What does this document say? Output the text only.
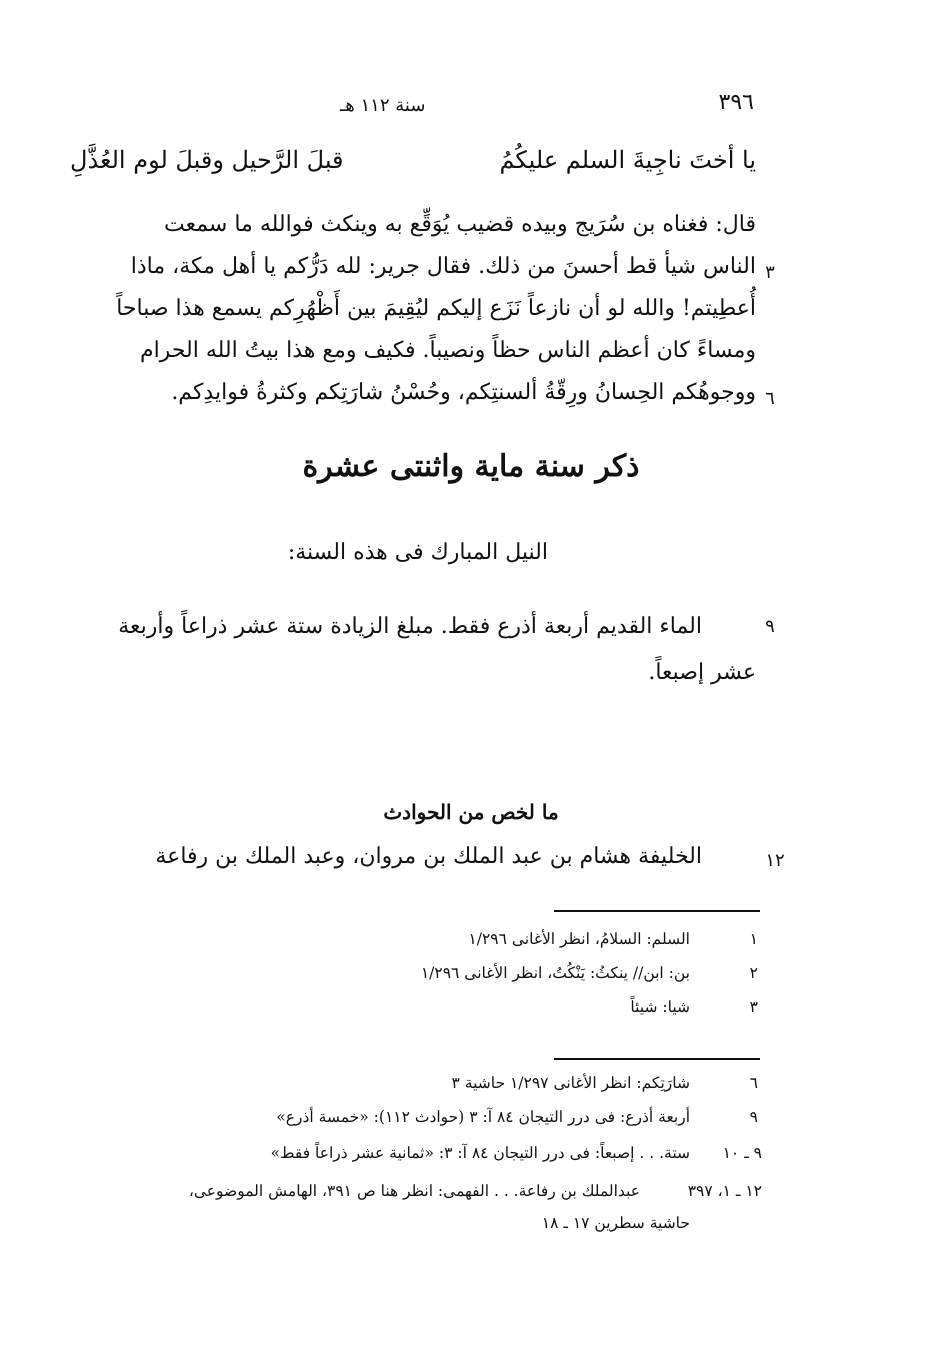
٣٩٦
سنة ١١٢ هـ
يا أختَ ناجِيةَ السلم عليكُمُ
قبلَ الرَّحيل وقبلَ لوم العُذَّلِ
قال: فغناه بن سُرَيج وبيده قضيب يُوَقِّع به وينكث فوالله ما سمعت
٣
الناس شيأ قط أحسنَ من ذلك. فقال جرير: لله دَرُّكم يا أهل مكة، ماذا
أُعطِيتم! والله لو أن نازعاً نَزَع إليكم ليُقِيمَ بين أَظْهُرِكم يسمع هذا صباحاً
ومساءً كان أعظم الناس حظاً ونصيباً. فكيف ومع هذا بيتُ الله الحرام
٦
ووجوهُكم الحِسانُ ورِقّةُ ألسنتِكم، وحُسْنُ شارَتِكم وكثرةُ فوايدِكم.
ذكر سنة ماية واثنتى عشرة
النيل المبارك فى هذه السنة:
٩
الماء القديم أربعة أذرع فقط. مبلغ الزيادة ستة عشر ذراعاً وأربعة
عشر إصبعاً.
ما لخص من الحوادث
١٢
الخليفة هشام بن عبد الملك بن مروان، وعبد الملك بن رفاعة
١
السلم: السلامُ، انظر الأغانى ١/٢٩٦
٢
بن: ابن// ينكثُ: يَنْكُتُ، انظر الأغانى ١/٢٩٦
٣
شيا: شيئاً
٦
شارَتِكم: انظر الأغانى ١/٢٩٧ حاشية ٣
٩
أربعة أذرع: فى درر التيجان ٨٤ آ: ٣ (حوادث ١١٢): «خمسة أذرع»
٩ ـ ١٠
ستة. . . إصبعاً: فى درر التيجان ٨٤ آ: ٣: «ثمانية عشر ذراعاً فقط»
١٢ ـ ١، ٣٩٧
عبدالملك بن رفاعة. . . الفهمى: انظر هنا ص ٣٩١، الهامش الموضوعى،
حاشية سطرين ١٧ ـ ١٨
